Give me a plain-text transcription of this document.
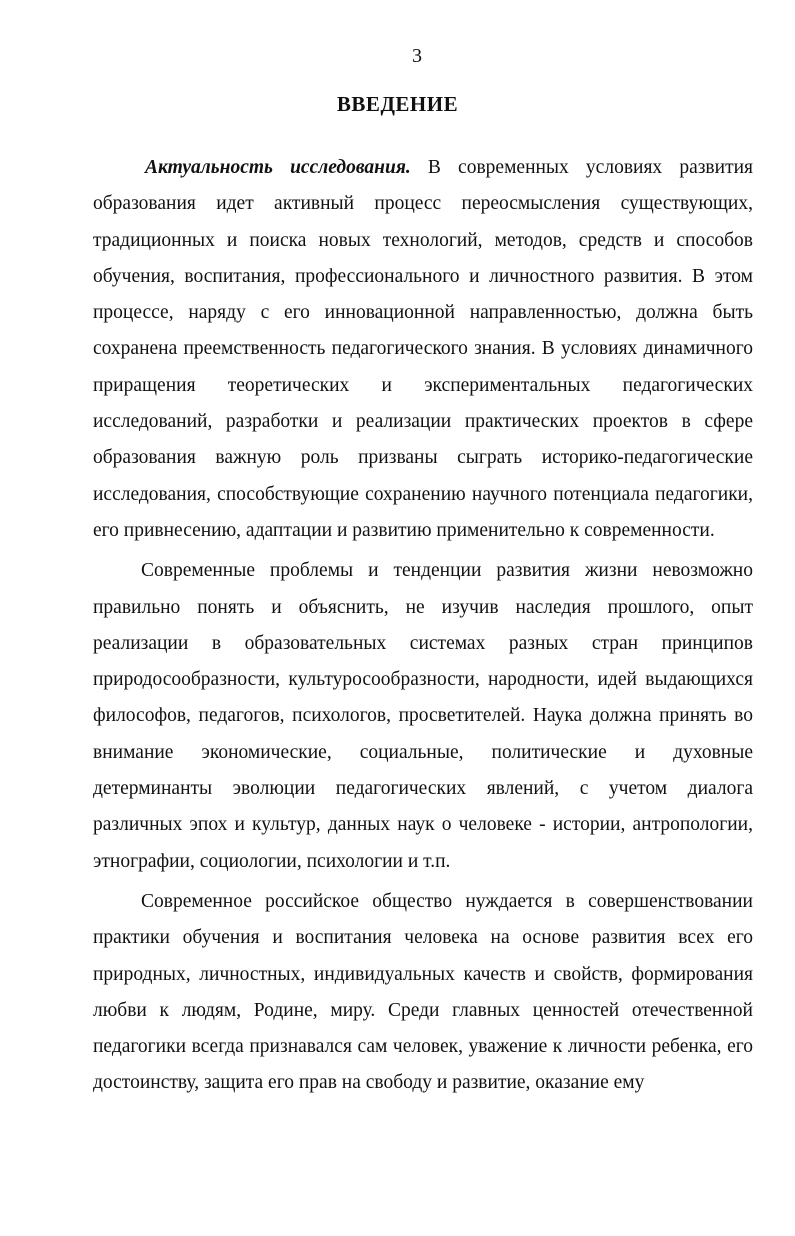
3
ВВЕДЕНИЕ

Актуальность исследования. В современных условиях развития образования идет активный процесс переосмысления существующих, традиционных и поиска новых технологий, методов, средств и способов обучения, воспитания, профессионального и личностного развития. В этом процессе, наряду с его инновационной направленностью, должна быть сохранена преемственность педагогического знания. В условиях динамичного приращения теоретических и экспериментальных педагогических исследований, разработки и реализации практических проектов в сфере образования важную роль призваны сыграть историко-педагогические исследования, способствующие сохранению научного потенциала педагогики, его привнесению, адаптации и развитию применительно к современности.

Современные проблемы и тенденции развития жизни невозможно правильно понять и объяснить, не изучив наследия прошлого, опыт реализации в образовательных системах разных стран принципов природосообразности, культуросообразности, народности, идей выдающихся философов, педагогов, психологов, просветителей. Наука должна принять во внимание экономические, социальные, политические и духовные детерминанты эволюции педагогических явлений, с учетом диалога различных эпох и культур, данных наук о человеке - истории, антропологии, этнографии, социологии, психологии и т.п.

Современное российское общество нуждается в совершенствовании практики обучения и воспитания человека на основе развития всех его природных, личностных, индивидуальных качеств и свойств, формирования любви к людям, Родине, миру. Среди главных ценностей отечественной педагогики всегда признавался сам человек, уважение к личности ребенка, его достоинству, защита его прав на свободу и развитие, оказание ему
